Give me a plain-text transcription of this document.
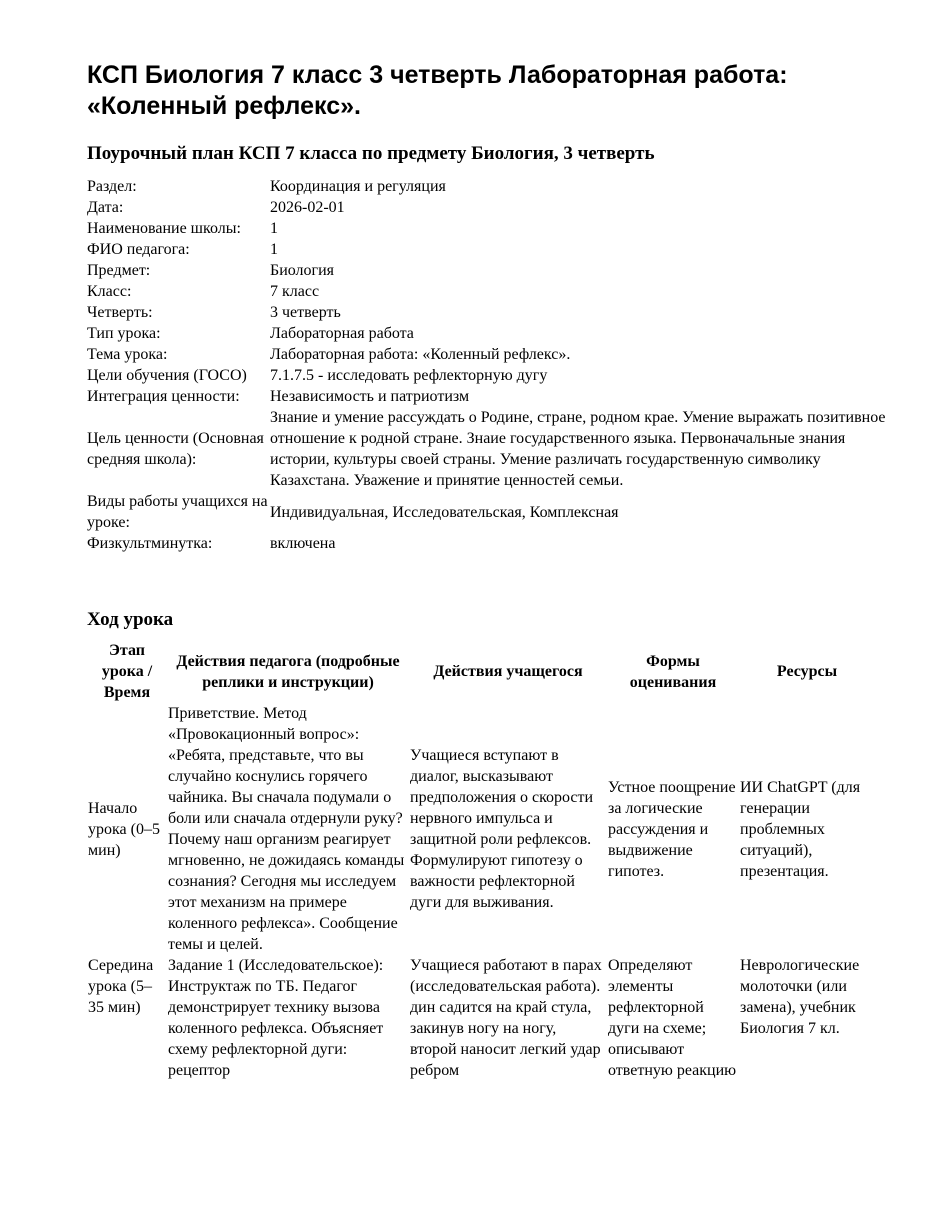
КСП Биология 7 класс 3 четверть Лабораторная работа: «Коленный рефлекс».
Поурочный план КСП 7 класса по предмету Биология, 3 четверть
Раздел:	Координация и регуляция
Дата:	2026-02-01
Наименование школы:	1
ФИО педагога:	1
Предмет:	Биология
Класс:	7 класс
Четверть:	3 четверть
Тип урока:	Лабораторная работа
Тема урока:	Лабораторная работа: «Коленный рефлекс».
Цели обучения (ГОСО)	7.1.7.5 - исследовать рефлекторную дугу
Интеграция ценности:	Независимость и патриотизм
Цель ценности (Основная средняя школа):	Знание и умение рассуждать о Родине, стране, родном крае. Умение выражать позитивное отношение к родной стране. Знаие государственного языка. Первоначальные знания истории, культуры своей страны. Умение различать государственную символику Казахстана. Уважение и принятие ценностей семьи.
Виды работы учащихся на уроке:	Индивидуальная, Исследовательская, Комплексная
Физкультминутка:	включена
Ход урока
Этап урока / Время	Действия педагога (подробные реплики и инструкции)	Действия учащегося	Формы оценивания	Ресурсы
Начало урока (0–5 мин)	Приветствие. Метод «Провокационный вопрос»: «Ребята, представьте, что вы случайно коснулись горячего чайника. Вы сначала подумали о боли или сначала отдернули руку? Почему наш организм реагирует мгновенно, не дожидаясь команды сознания? Сегодня мы исследуем этот механизм на примере коленного рефлекса». Сообщение темы и целей.	Учащиеся вступают в диалог, высказывают предположения о скорости нервного импульса и защитной роли рефлексов. Формулируют гипотезу о важности рефлекторной дуги для выживания.	Устное поощрение за логические рассуждения и выдвижение гипотез.	ИИ ChatGPT (для генерации проблемных ситуаций), презентация.
Середина урока (5–35 мин)	Задание 1 (Исследовательское): Инструктаж по ТБ. Педагог демонстрирует технику вызова коленного рефлекса. Объясняет схему рефлекторной дуги: рецептор	Учащиеся работают в парах (исследовательская работа). дин садится на край стула, закинув ногу на ногу, второй наносит легкий удар ребром	Определяют элементы рефлекторной дуги на схеме; описывают ответную реакцию	Неврологические молоточки (или замена), учебник Биология 7 кл.
